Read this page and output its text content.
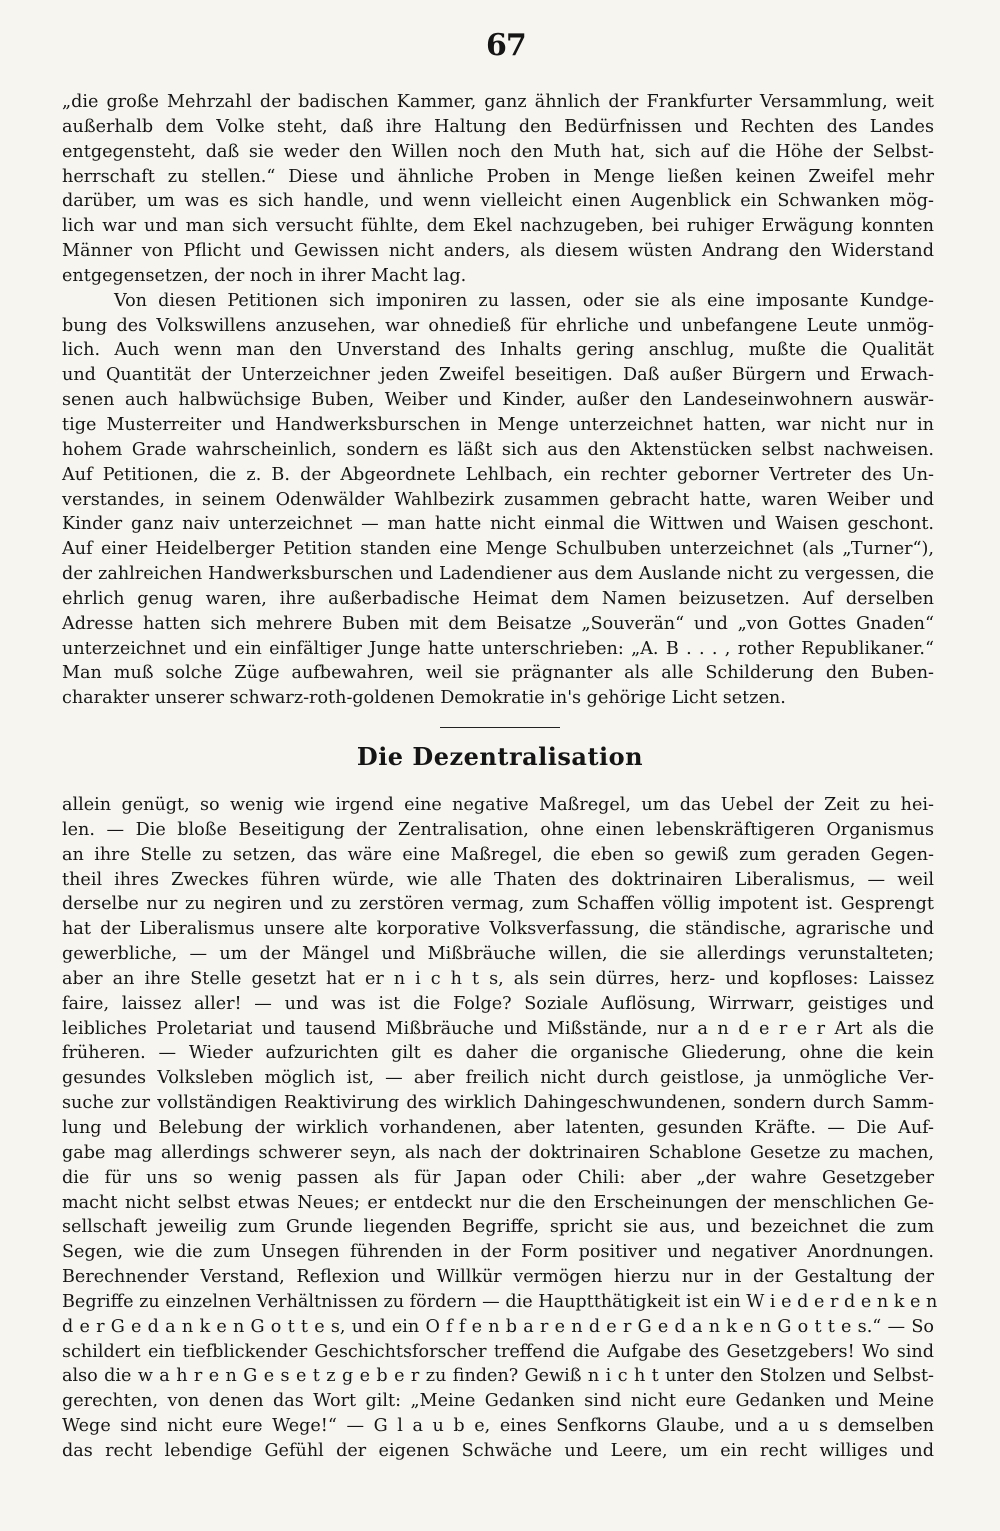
67
„die große Mehrzahl der badischen Kammer, ganz ähnlich der Frankfurter Versammlung, weit
außerhalb dem Volke steht, daß ihre Haltung den Bedürfnissen und Rechten des Landes
entgegensteht, daß sie weder den Willen noch den Muth hat, sich auf die Höhe der Selbst-
herrschaft zu stellen.“ Diese und ähnliche Proben in Menge ließen keinen Zweifel mehr
darüber, um was es sich handle, und wenn vielleicht einen Augenblick ein Schwanken mög-
lich war und man sich versucht fühlte, dem Ekel nachzugeben, bei ruhiger Erwägung konnten
Männer von Pflicht und Gewissen nicht anders, als diesem wüsten Andrang den Widerstand
entgegensetzen, der noch in ihrer Macht lag.
Von diesen Petitionen sich imponiren zu lassen, oder sie als eine imposante Kundge-
bung des Volkswillens anzusehen, war ohnedieß für ehrliche und unbefangene Leute unmög-
lich. Auch wenn man den Unverstand des Inhalts gering anschlug, mußte die Qualität
und Quantität der Unterzeichner jeden Zweifel beseitigen. Daß außer Bürgern und Erwach-
senen auch halbwüchsige Buben, Weiber und Kinder, außer den Landeseinwohnern auswär-
tige Musterreiter und Handwerksburschen in Menge unterzeichnet hatten, war nicht nur in
hohem Grade wahrscheinlich, sondern es läßt sich aus den Aktenstücken selbst nachweisen.
Auf Petitionen, die z. B. der Abgeordnete Lehlbach, ein rechter geborner Vertreter des Un-
verstandes, in seinem Odenwälder Wahlbezirk zusammen gebracht hatte, waren Weiber und
Kinder ganz naiv unterzeichnet — man hatte nicht einmal die Wittwen und Waisen geschont.
Auf einer Heidelberger Petition standen eine Menge Schulbuben unterzeichnet (als „Turner“),
der zahlreichen Handwerksburschen und Ladendiener aus dem Auslande nicht zu vergessen, die
ehrlich genug waren, ihre außerbadische Heimat dem Namen beizusetzen. Auf derselben
Adresse hatten sich mehrere Buben mit dem Beisatze „Souverän“ und „von Gottes Gnaden“
unterzeichnet und ein einfältiger Junge hatte unterschrieben: „A. B . . . , rother Republikaner.“
Man muß solche Züge aufbewahren, weil sie prägnanter als alle Schilderung den Buben-
charakter unserer schwarz-roth-goldenen Demokratie in's gehörige Licht setzen.
Die Dezentralisation
allein genügt, so wenig wie irgend eine negative Maßregel, um das Uebel der Zeit zu hei-
len. — Die bloße Beseitigung der Zentralisation, ohne einen lebenskräftigeren Organismus
an ihre Stelle zu setzen, das wäre eine Maßregel, die eben so gewiß zum geraden Gegen-
theil ihres Zweckes führen würde, wie alle Thaten des doktrinairen Liberalismus, — weil
derselbe nur zu negiren und zu zerstören vermag, zum Schaffen völlig impotent ist. Gesprengt
hat der Liberalismus unsere alte korporative Volksverfassung, die ständische, agrarische und
gewerbliche, — um der Mängel und Mißbräuche willen, die sie allerdings verunstalteten;
aber an ihre Stelle gesetzt hat er n i c h t s, als sein dürres, herz- und kopfloses: Laissez
faire, laissez aller! — und was ist die Folge? Soziale Auflösung, Wirrwarr, geistiges und
leibliches Proletariat und tausend Mißbräuche und Mißstände, nur a n d e r e r Art als die
früheren. — Wieder aufzurichten gilt es daher die organische Gliederung, ohne die kein
gesundes Volksleben möglich ist, — aber freilich nicht durch geistlose, ja unmögliche Ver-
suche zur vollständigen Reaktivirung des wirklich Dahingeschwundenen, sondern durch Samm-
lung und Belebung der wirklich vorhandenen, aber latenten, gesunden Kräfte. — Die Auf-
gabe mag allerdings schwerer seyn, als nach der doktrinairen Schablone Gesetze zu machen,
die für uns so wenig passen als für Japan oder Chili: aber „der wahre Gesetzgeber
macht nicht selbst etwas Neues; er entdeckt nur die den Erscheinungen der menschlichen Ge-
sellschaft jeweilig zum Grunde liegenden Begriffe, spricht sie aus, und bezeichnet die zum
Segen, wie die zum Unsegen führenden in der Form positiver und negativer Anordnungen.
Berechnender Verstand, Reflexion und Willkür vermögen hierzu nur in der Gestaltung der
Begriffe zu einzelnen Verhältnissen zu fördern — die Hauptthätigkeit ist ein W i e d e r d e n k e n
d e r G e d a n k e n G o t t e s, und ein O f f e n b a r e n d e r G e d a n k e n G o t t e s.“ — So
schildert ein tiefblickender Geschichtsforscher treffend die Aufgabe des Gesetzgebers! Wo sind
also die w a h r e n G e s e t z g e b e r zu finden? Gewiß n i c h t unter den Stolzen und Selbst-
gerechten, von denen das Wort gilt: „Meine Gedanken sind nicht eure Gedanken und Meine
Wege sind nicht eure Wege!“ — G l a u b e, eines Senfkorns Glaube, und a u s demselben
das recht lebendige Gefühl der eigenen Schwäche und Leere, um ein recht williges und
